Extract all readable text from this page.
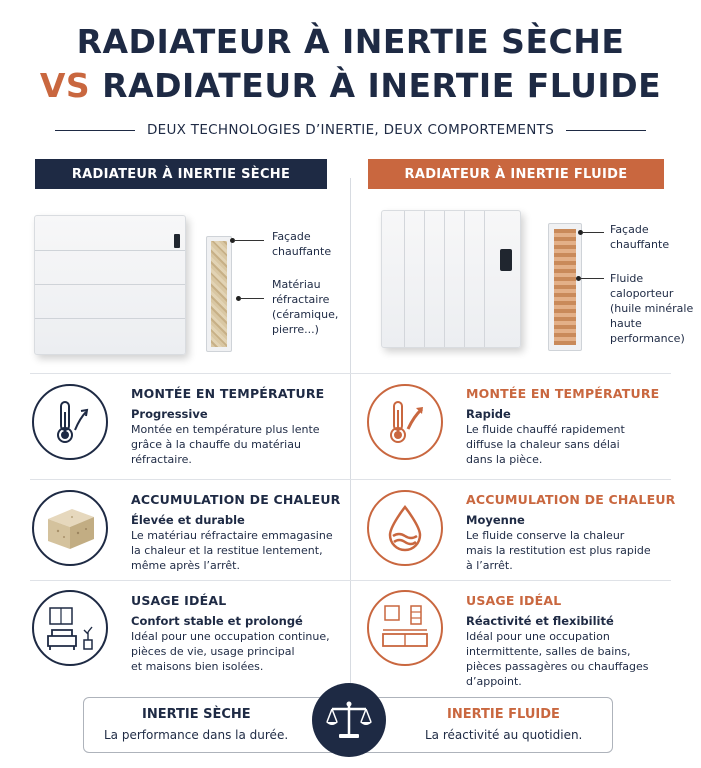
RADIATEUR À INERTIE SÈCHE
VS RADIATEUR À INERTIE FLUIDE
DEUX TECHNOLOGIES D’INERTIE, DEUX COMPORTEMENTS
RADIATEUR À INERTIE SÈCHE	RADIATEUR À INERTIE FLUIDE
Façade
chauffante
Matériau
réfractaire
(céramique,
pierre...)
Façade
chauffante
Fluide
caloporteur
(huile minérale
haute
performance)
MONTÉE EN TEMPÉRATURE
Progressive
Montée en température plus lente
grâce à la chauffe du matériau
réfractaire.
MONTÉE EN TEMPÉRATURE
Rapide
Le fluide chauffé rapidement
diffuse la chaleur sans délai
dans la pièce.
ACCUMULATION DE CHALEUR
Élevée et durable
Le matériau réfractaire emmagasine
la chaleur et la restitue lentement,
même après l’arrêt.
ACCUMULATION DE CHALEUR
Moyenne
Le fluide conserve la chaleur
mais la restitution est plus rapide
à l’arrêt.
USAGE IDÉAL
Confort stable et prolongé
Idéal pour une occupation continue,
pièces de vie, usage principal
et maisons bien isolées.
USAGE IDÉAL
Réactivité et flexibilité
Idéal pour une occupation
intermittente, salles de bains,
pièces passagères ou chauffages
d’appoint.
INERTIE SÈCHE
La performance dans la durée.
INERTIE FLUIDE
La réactivité au quotidien.
